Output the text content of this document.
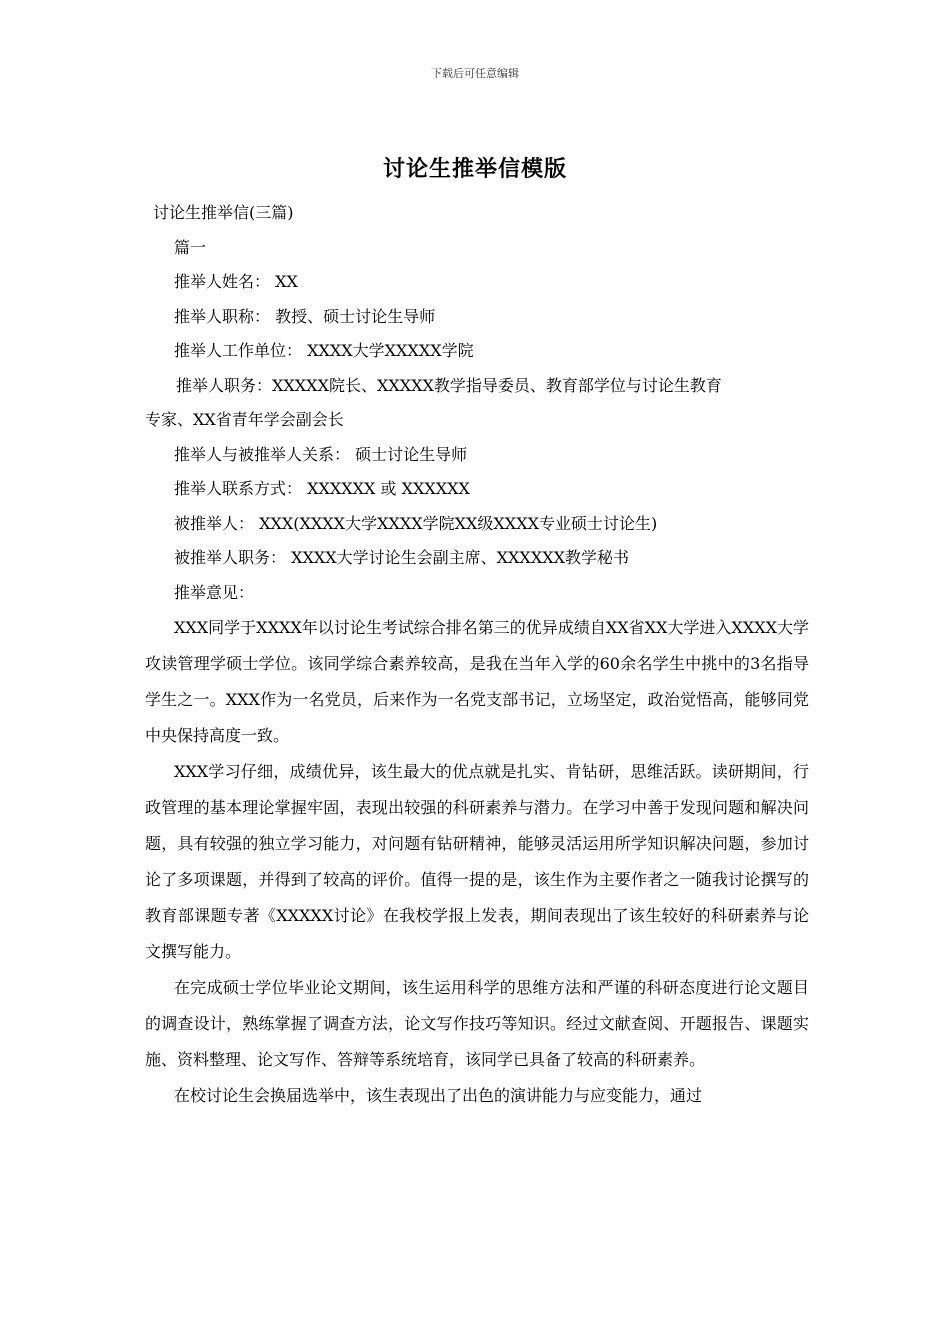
下载后可任意编辑
讨论生推举信模版
讨论生推举信(三篇)
篇一
推举人姓名： XX
推举人职称： 教授、硕士讨论生导师
推举人工作单位： XXXX大学XXXXX学院
推举人职务：XXXXX院长、XXXXX教学指导委员、教育部学位与讨论生教育
专家、XX省青年学会副会长
推举人与被推举人关系： 硕士讨论生导师
推举人联系方式： XXXXXX 或 XXXXXX
被推举人： XXX(XXXX大学XXXX学院XX级XXXX专业硕士讨论生)
被推举人职务： XXXX大学讨论生会副主席、XXXXXX教学秘书
推举意见：

XXX同学于XXXX年以讨论生考试综合排名第三的优异成绩自XX省XX大学进入XXXX大学攻读管理学硕士学位。该同学综合素养较高，是我在当年入学的60余名学生中挑中的3名指导学生之一。XXX作为一名党员，后来作为一名党支部书记，立场坚定，政治觉悟高，能够同党中央保持高度一致。

XXX学习仔细，成绩优异，该生最大的优点就是扎实、肯钻研，思维活跃。读研期间，行政管理的基本理论掌握牢固，表现出较强的科研素养与潜力。在学习中善于发现问题和解决问题，具有较强的独立学习能力，对问题有钻研精神，能够灵活运用所学知识解决问题，参加讨论了多项课题，并得到了较高的评价。值得一提的是，该生作为主要作者之一随我讨论撰写的教育部课题专著《XXXXX讨论》在我校学报上发表，期间表现出了该生较好的科研素养与论文撰写能力。

在完成硕士学位毕业论文期间，该生运用科学的思维方法和严谨的科研态度进行论文题目的调查设计，熟练掌握了调查方法，论文写作技巧等知识。经过文献查阅、开题报告、课题实施、资料整理、论文写作、答辩等系统培育，该同学已具备了较高的科研素养。

在校讨论生会换届选举中，该生表现出了出色的演讲能力与应变能力，通过
